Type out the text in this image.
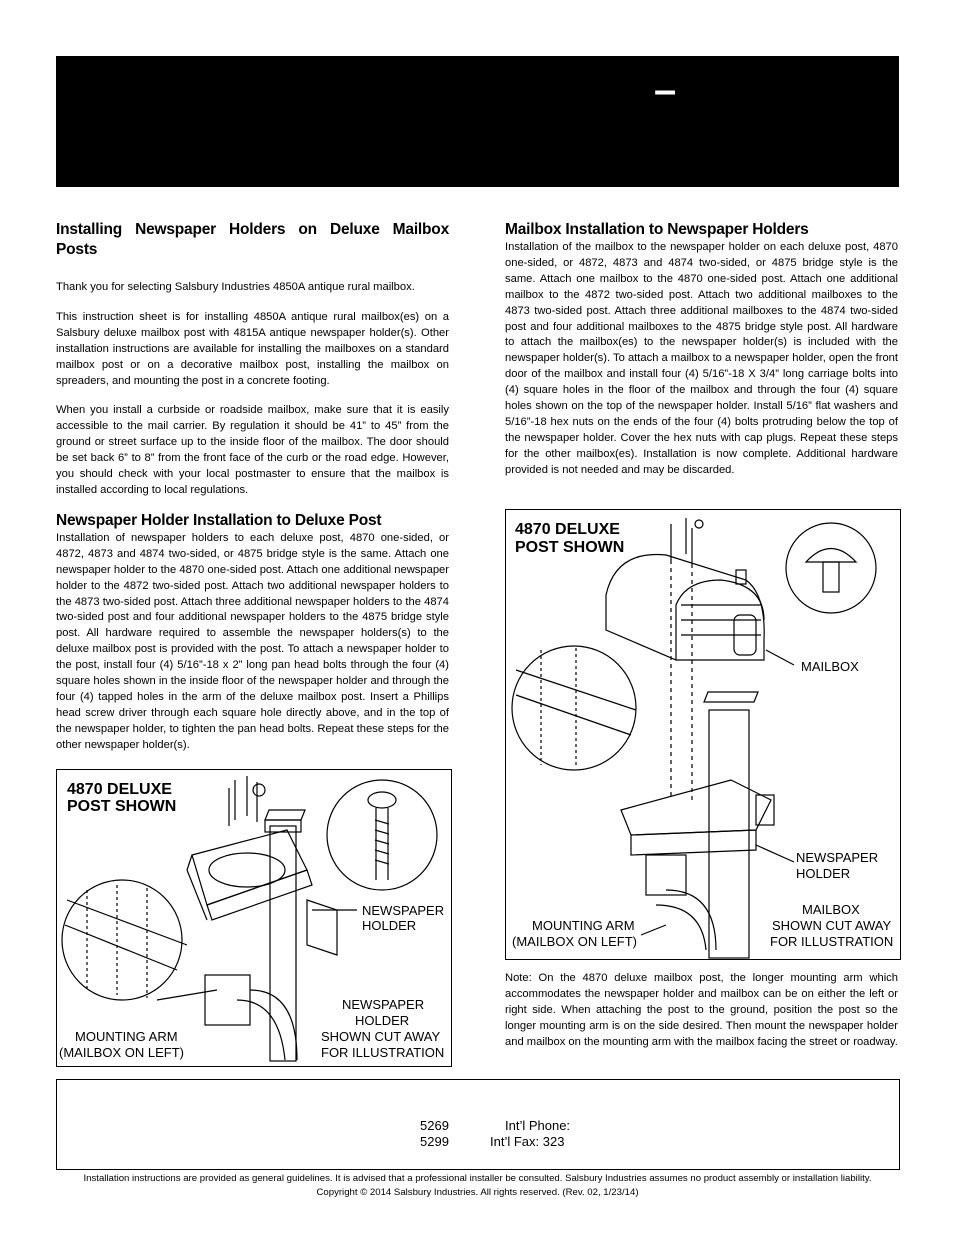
–
Installing Newspaper Holders on Deluxe Mailbox Posts

Thank you for selecting Salsbury Industries 4850A antique rural mailbox.

This instruction sheet is for installing 4850A antique rural mailbox(es) on a Salsbury deluxe mailbox post with 4815A antique newspaper holder(s). Other installation instructions are available for installing the mailboxes on a standard mailbox post or on a decorative mailbox post, installing the mailbox on spreaders, and mounting the post in a concrete footing.

When you install a curbside or roadside mailbox, make sure that it is easily accessible to the mail carrier. By regulation it should be 41” to 45” from the ground or street surface up to the inside floor of the mailbox. The door should be set back 6” to 8” from the front face of the curb or the road edge. However, you should check with your local postmaster to ensure that the mailbox is installed according to local regulations.

Newspaper Holder Installation to Deluxe Post

Installation of newspaper holders to each deluxe post, 4870 one-sided, or 4872, 4873 and 4874 two-sided, or 4875 bridge style is the same. Attach one newspaper holder to the 4870 one-sided post. Attach one additional newspaper holder to the 4872 two-sided post. Attach two additional newspaper holders to the 4873 two-sided post. Attach three additional newspaper holders to the 4874 two-sided post and four additional newspaper holders to the 4875 bridge style post. All hardware required to assemble the newspaper holders(s) to the deluxe mailbox post is provided with the post. To attach a newspaper holder to the post, install four (4) 5/16”-18 x 2” long pan head bolts through the four (4) square holes shown in the inside floor of the newspaper holder and through the four (4) tapped holes in the arm of the deluxe mailbox post. Insert a Phillips head screw driver through each square hole directly above, and in the top of the newspaper holder, to tighten the pan head bolts. Repeat these steps for the other newspaper holder(s).

4870 DELUXE
POST SHOWN
NEWSPAPER
HOLDER
MOUNTING ARM
(MAILBOX ON LEFT)
NEWSPAPER
HOLDER
SHOWN CUT AWAY
FOR ILLUSTRATION
Mailbox Installation to Newspaper Holders

Installation of the mailbox to the newspaper holder on each deluxe post, 4870 one-sided, or 4872, 4873 and 4874 two-sided, or 4875 bridge style is the same. Attach one mailbox to the 4870 one-sided post. Attach one additional mailbox to the 4872 two-sided post. Attach two additional mailboxes to the 4873 two-sided post. Attach three additional mailboxes to the 4874 two-sided post and four additional mailboxes to the 4875 bridge style post. All hardware to attach the mailbox(es) to the newspaper holder(s) is included with the newspaper holder(s). To attach a mailbox to a newspaper holder, open the front door of the mailbox and install four (4) 5/16”-18 X 3/4” long carriage bolts into (4) square holes in the floor of the mailbox and through the four (4) square holes shown on the top of the newspaper holder. Install 5/16” flat washers and 5/16”-18 hex nuts on the ends of the four (4) bolts protruding below the top of the newspaper holder. Cover the hex nuts with cap plugs. Repeat these steps for the other mailbox(es). Installation is now complete. Additional hardware provided is not needed and may be discarded.

4870 DELUXE
POST SHOWN
MAILBOX
NEWSPAPER
HOLDER
MOUNTING ARM
(MAILBOX ON LEFT)
MAILBOX
SHOWN CUT AWAY
FOR ILLUSTRATION

Note: On the 4870 deluxe mailbox post, the longer mounting arm which accommodates the newspaper holder and mailbox can be on either the left or right side. When attaching the post to the ground, position the post so the longer mounting arm is on the side desired. Then mount the newspaper holder and mailbox on the mounting arm with the mailbox facing the street or roadway.

5269	Int’l Phone:
5299	Int’l Fax: 323
Installation instructions are provided as general guidelines. It is advised that a professional installer be consulted. Salsbury Industries assumes no product assembly or installation liability.
Copyright © 2014 Salsbury Industries. All rights reserved. (Rev. 02, 1/23/14)
